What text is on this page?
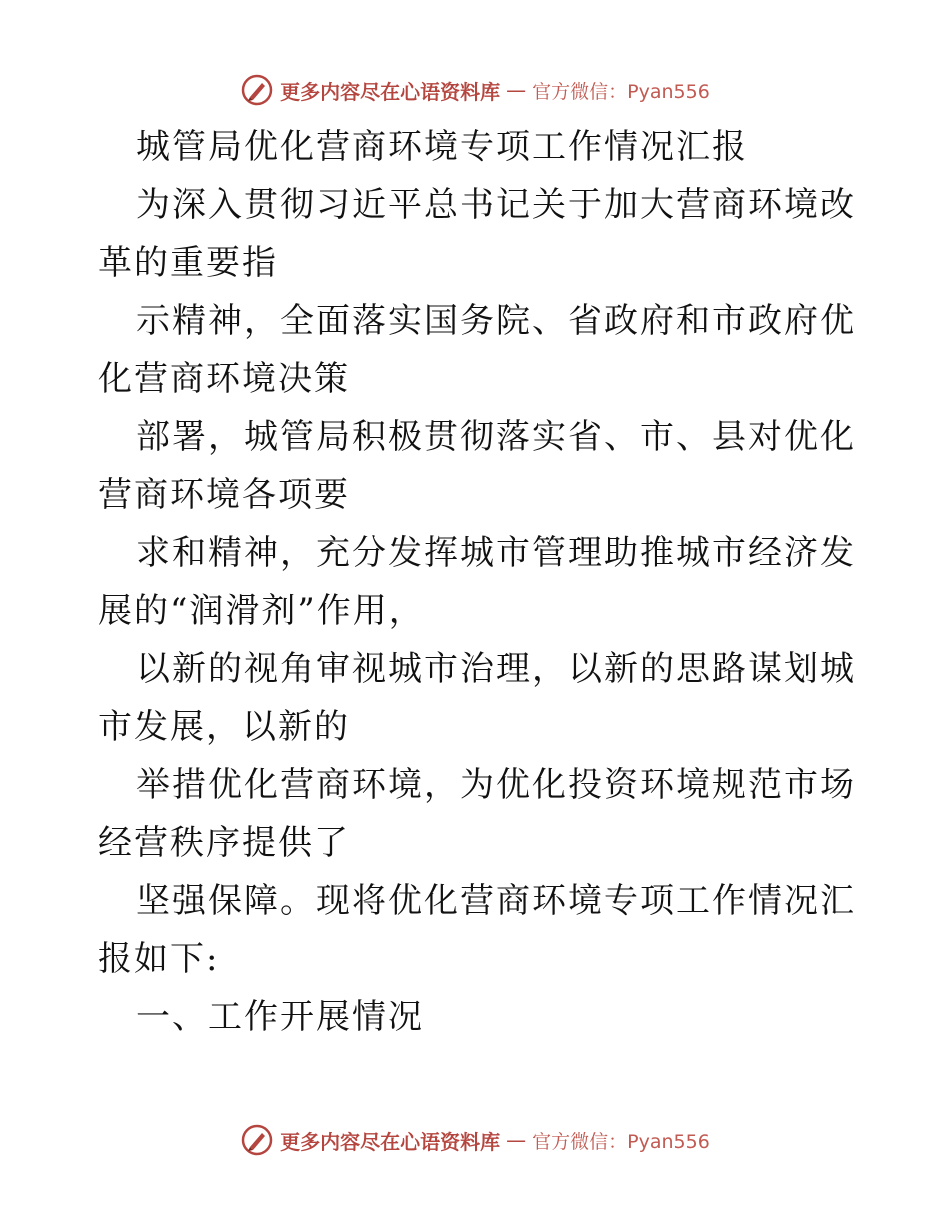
更多内容尽在心语资料库 — 官方微信：Pyan556

城管局优化营商环境专项工作情况汇报

为深入贯彻习近平总书记关于加大营商环境改革的重要指

示精神，全面落实国务院、省政府和市政府优化营商环境决策

部署，城管局积极贯彻落实省、市、县对优化营商环境各项要

求和精神，充分发挥城市管理助推城市经济发展的“润滑剂”作用，

以新的视角审视城市治理，以新的思路谋划城市发展，以新的

举措优化营商环境，为优化投资环境规范市场经营秩序提供了

坚强保障。现将优化营商环境专项工作情况汇报如下:

一、工作开展情况

更多内容尽在心语资料库 — 官方微信：Pyan556
